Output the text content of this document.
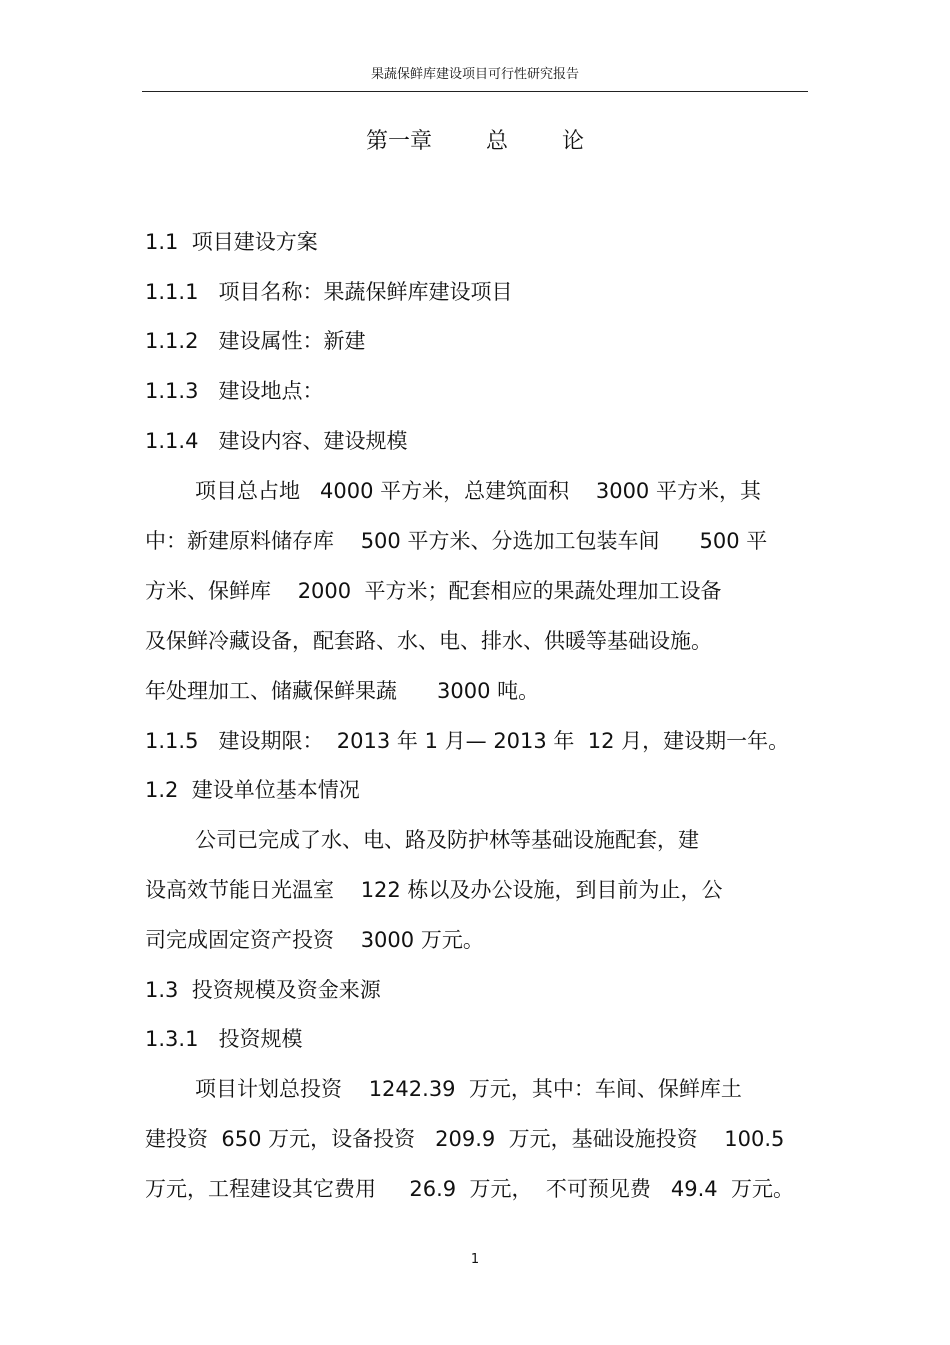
果蔬保鲜库建设项目可行性研究报告
第一章 总 论
1.1  项目建设方案
1.1.1   项目名称：果蔬保鲜库建设项目
1.1.2   建设属性：新建
1.1.3   建设地点：
1.1.4   建设内容、建设规模
项目总占地   4000 平方米，总建筑面积    3000 平方米，其
中：新建原料储存库    500 平方米、分选加工包装车间      500 平
方米、保鲜库    2000  平方米；配套相应的果蔬处理加工设备
及保鲜冷藏设备，配套路、水、电、排水、供暖等基础设施。
年处理加工、储藏保鲜果蔬      3000 吨。
1.1.5   建设期限：  2013 年 1 月— 2013 年  12 月，建设期一年。
1.2  建设单位基本情况
公司已完成了水、电、路及防护林等基础设施配套，建
设高效节能日光温室    122 栋以及办公设施，到目前为止，公
司完成固定资产投资    3000 万元。
1.3  投资规模及资金来源
1.3.1   投资规模
项目计划总投资    1242.39  万元，其中：车间、保鲜库土
建投资  650 万元，设备投资   209.9  万元，基础设施投资    100.5
万元，工程建设其它费用     26.9  万元，  不可预见费   49.4  万元。
1
